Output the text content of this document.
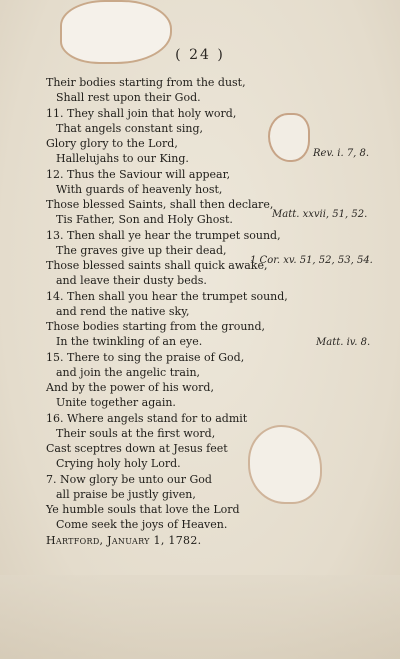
( 24 )
Their bodies starting from the dust,
Shall rest upon their God.
11. They shall join that holy word,
That angels constant sing,
Glory glory to the Lord,
Hallelujahs to our King.
12. Thus the Saviour will appear,
With guards of heavenly host,
Those blessed Saints, shall then declare,
Tis Father, Son and Holy Ghost.
13. Then shall ye hear the trumpet sound,
The graves give up their dead,
Those blessed saints shall quick awake,
and leave their dusty beds.
14. Then shall you hear the trumpet sound,
and rend the native sky,
Those bodies starting from the ground,
In the twinkling of an eye.
15. There to sing the praise of God,
and join the angelic train,
And by the power of his word,
Unite together again.
16. Where angels stand for to admit
Their souls at the first word,
Cast sceptres down at Jesus feet
Crying holy holy Lord.
7. Now glory be unto our God
all praise be justly given,
Ye humble souls that love the Lord
Come seek the joys of Heaven.
Hartford, January 1, 1782.
Rev. i. 7, 8.
Matt. xxvii, 51, 52.
1 Cor. xv. 51, 52, 53, 54.
Matt. iv. 8.
